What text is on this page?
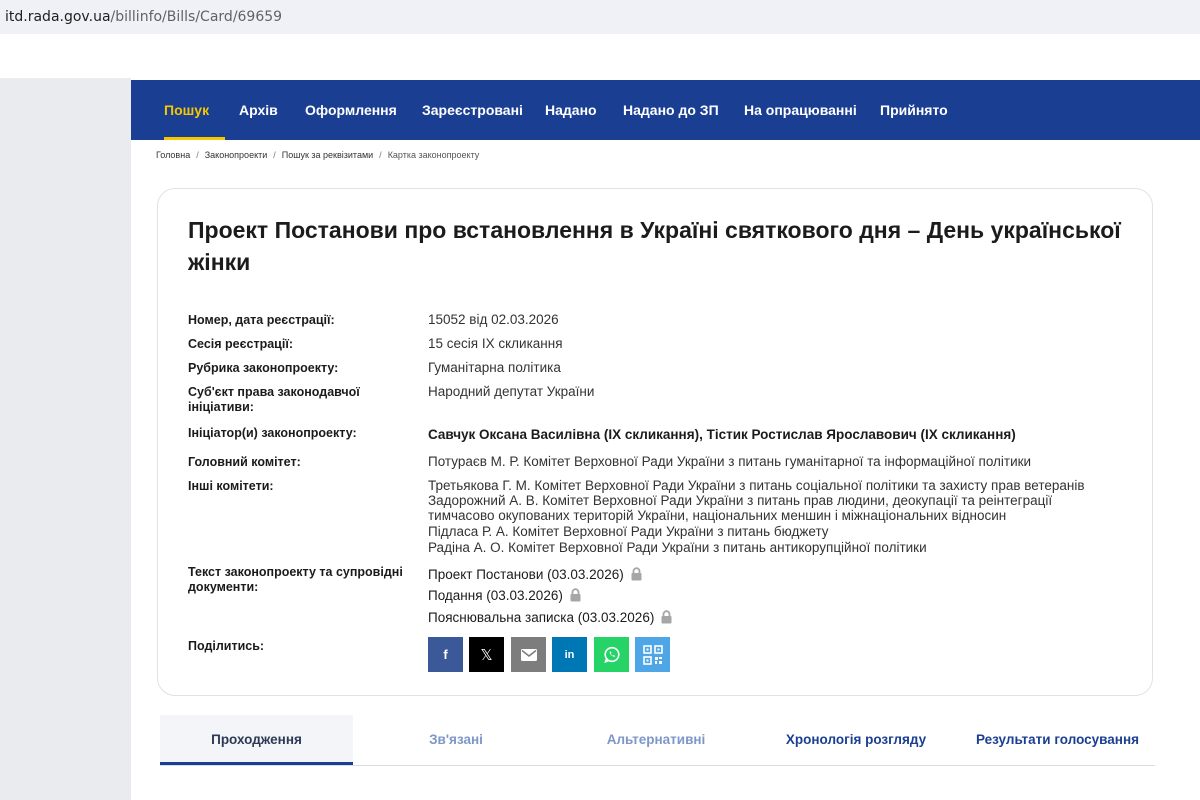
itd.rada.gov.ua /billinfo/Bills/Card/69659
Пошук Архів Оформлення Зареєстровані Надано Надано до ЗП На опрацюванні Прийнято
Головна / Законопроекти / Пошук за реквізитами / Картка законопроекту
Проект Постанови про встановлення в Україні святкового дня – День української жінки
Номер, дата реєстрації:	15052 від 02.03.2026
Сесія реєстрації:	15 сесія IX скликання
Рубрика законопроекту:	Гуманітарна політика
Суб'єкт права законодавчої ініціативи:
Народний депутат України
Ініціатор(и) законопроекту:	Савчук Оксана Василівна (IX скликання), Тістик Ростислав Ярославович (IX скликання)
Головний комітет:	Потураєв М. Р. Комітет Верховної Ради України з питань гуманітарної та інформаційної політики
Інші комітети:	Третьякова Г. М. Комітет Верховної Ради України з питань соціальної політики та захисту прав ветеранів
Задорожний А. В. Комітет Верховної Ради України з питань прав людини, деокупації та реінтеграції
тимчасово окупованих територій України, національних меншин і міжнаціональних відносин
Підласа Р. А. Комітет Верховної Ради України з питань бюджету
Радіна А. О. Комітет Верховної Ради України з питань антикорупційної політики
Текст законопроекту та супровідні документи:
Проект Постанови (03.03.2026)
Подання (03.03.2026)
Пояснювальна записка (03.03.2026)
Поділитись:
f 𝕏	in
Проходження	Зв'язані	Альтернативні	Хронологія розгляду	Результати голосування
